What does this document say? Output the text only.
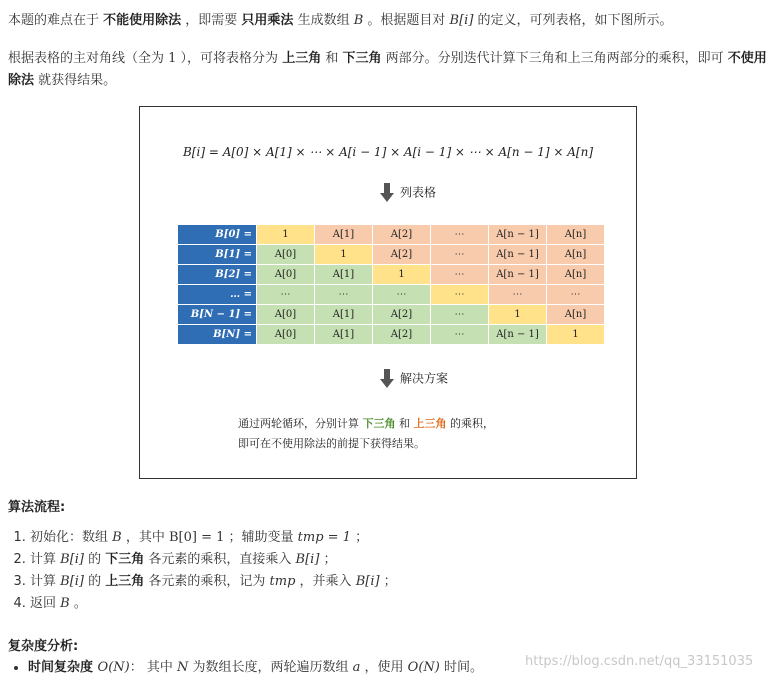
本题的难点在于 不能使用除法 ，即需要 只用乘法 生成数组 B 。根据题目对 B[i] 的定义，可列表格，如下图所示。
根据表格的主对角线（全为 1 ），可将表格分为 上三角 和 下三角 两部分。分别迭代计算下三角和上三角两部分的乘积，即可 不使用除法 就获得结果。
B[i] = A[0] × A[1] × ⋯ × A[i − 1] × A[i − 1] × ⋯ × A[n − 1] × A[n]
列表格
B[0] =	1	A[1]	A[2]	⋯	A[n − 1]	A[n]
B[1] =	A[0]	1	A[2]	⋯	A[n − 1]	A[n]
B[2] =	A[0]	A[1]	1	⋯	A[n − 1]	A[n]
… =	⋯	⋯	⋯	⋯	⋯	⋯
B[N − 1] =	A[0]	A[1]	A[2]	⋯	1	A[n]
B[N] =	A[0]	A[1]	A[2]	⋯	A[n − 1]	1
解决方案
通过两轮循环，分别计算 下三角 和 上三角 的乘积，
即可在不使用除法的前提下获得结果。
算法流程:
1. 初始化：数组 B ，其中 B[0] = 1 ；辅助变量 tmp = 1 ；
2. 计算 B[i] 的 下三角 各元素的乘积，直接乘入 B[i] ；
3. 计算 B[i] 的 上三角 各元素的乘积，记为 tmp ，并乘入 B[i] ；
4. 返回 B 。
复杂度分析:
• 时间复杂度 O(N)： 其中 N 为数组长度，两轮遍历数组 a ，使用 O(N) 时间。	https://blog.csdn.net/qq_33151035
